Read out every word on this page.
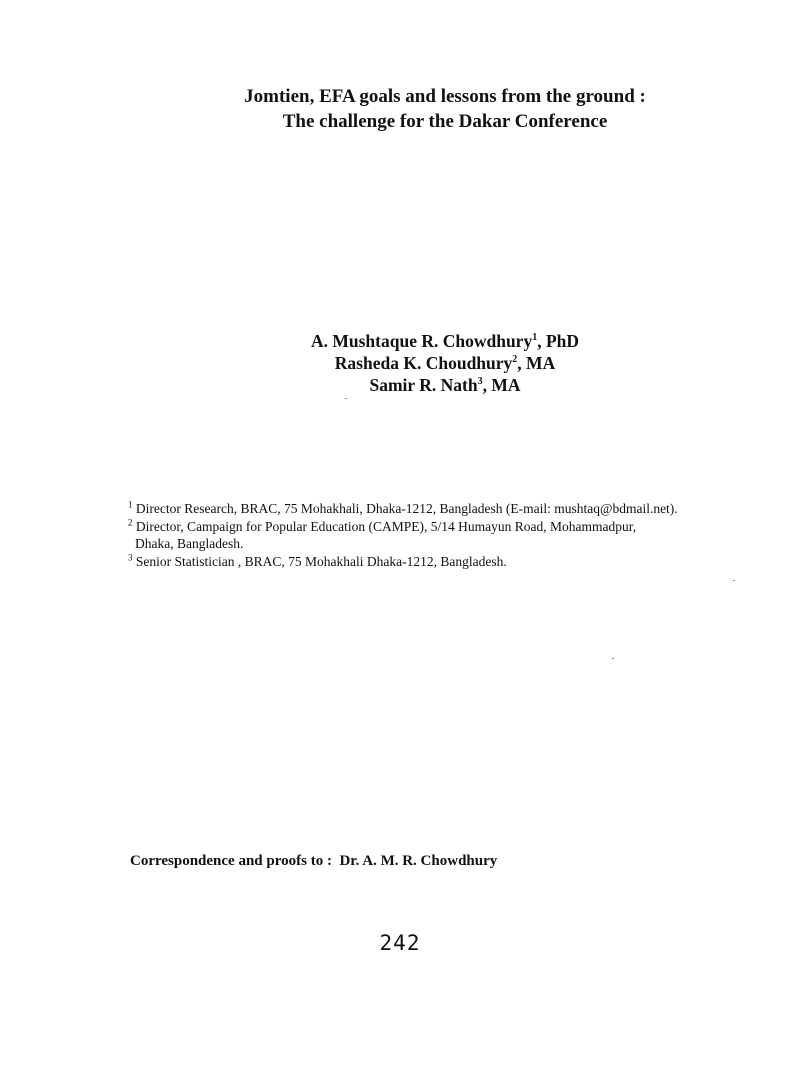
Jomtien, EFA goals and lessons from the ground :
The challenge for the Dakar Conference
A. Mushtaque R. Chowdhury$^1$, PhD
Rasheda K. Choudhury$^2$, MA
Samir R. Nath$^3$, MA
$^1$ Director Research, BRAC, 75 Mohakhali, Dhaka-1212, Bangladesh (E-mail: mushtaq@bdmail.net).
$^2$ Director, Campaign for Popular Education (CAMPE), 5/14 Humayun Road, Mohammadpur,
Dhaka, Bangladesh.
$^3$ Senior Statistician , BRAC, 75 Mohakhali Dhaka-1212, Bangladesh.
Correspondence and proofs to : Dr. A. M. R. Chowdhury
242
